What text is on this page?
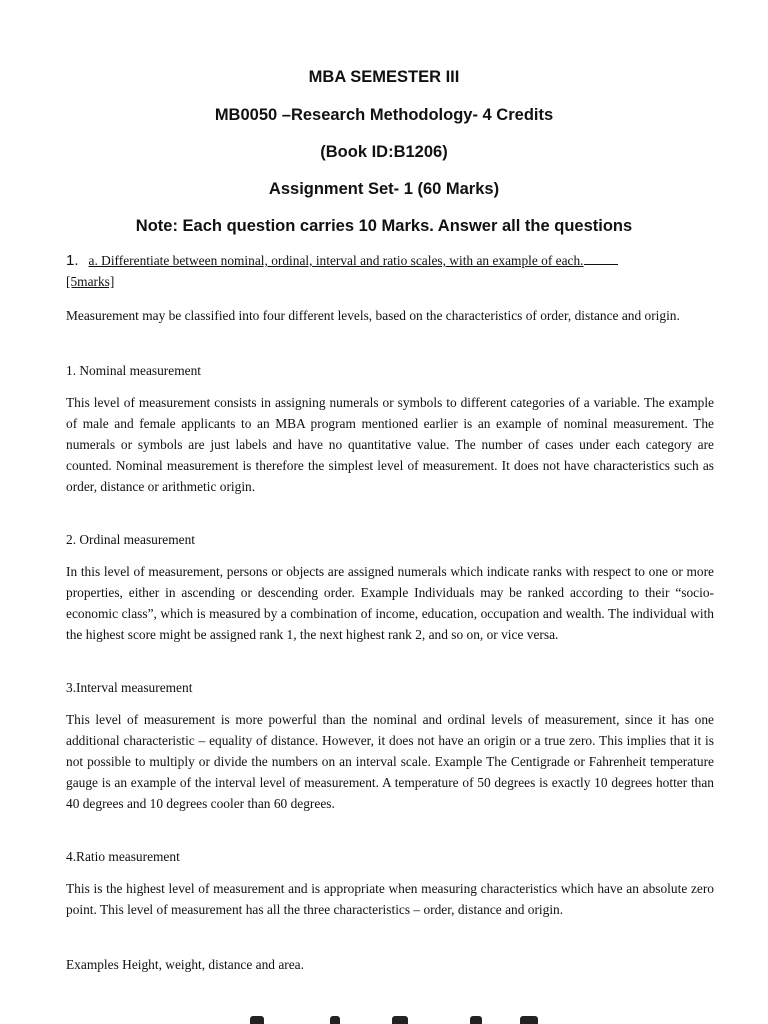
MBA SEMESTER III

MB0050 –Research Methodology- 4 Credits

(Book ID:B1206)

Assignment Set- 1 (60 Marks)

Note: Each question carries 10 Marks. Answer all the questions

1. a. Differentiate between nominal, ordinal, interval and ratio scales, with an example of each.

[5marks]

Measurement may be classified into four different levels, based on the characteristics of order, distance and origin.

1. Nominal measurement

This level of measurement consists in assigning numerals or symbols to different categories of a variable. The example of male and female applicants to an MBA program mentioned earlier is an example of nominal measurement. The numerals or symbols are just labels and have no quantitative value. The number of cases under each category are counted. Nominal measurement is therefore the simplest level of measurement. It does not have characteristics such as order, distance or arithmetic origin.

2. Ordinal measurement

In this level of measurement, persons or objects are assigned numerals which indicate ranks with respect to one or more properties, either in ascending or descending order. Example Individuals may be ranked according to their “socio-economic class”, which is measured by a combination of income, education, occupation and wealth. The individual with the highest score might be assigned rank 1, the next highest rank 2, and so on, or vice versa.

3.Interval measurement

This level of measurement is more powerful than the nominal and ordinal levels of measurement, since it has one additional characteristic – equality of distance. However, it does not have an origin or a true zero. This implies that it is not possible to multiply or divide the numbers on an interval scale. Example The Centigrade or Fahrenheit temperature gauge is an example of the interval level of measurement. A temperature of 50 degrees is exactly 10 degrees hotter than 40 degrees and 10 degrees cooler than 60 degrees.

4.Ratio measurement

This is the highest level of measurement and is appropriate when measuring characteristics which have an absolute zero point. This level of measurement has all the three characteristics – order, distance and origin.

Examples Height, weight, distance and area.
